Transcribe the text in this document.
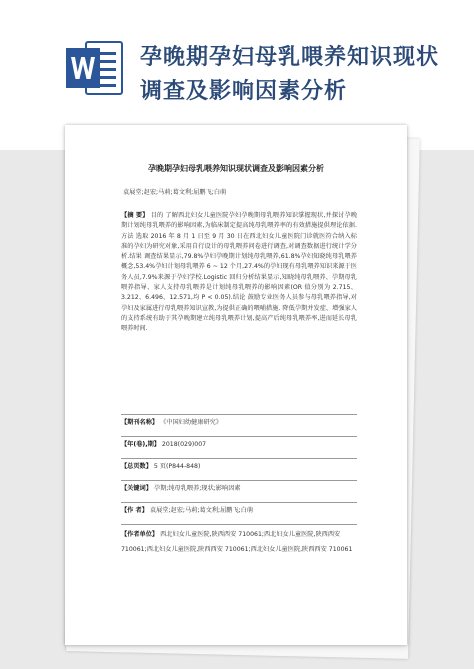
孕晚期孕妇母乳喂养知识现状
调查及影响因素分析
孕晚期孕妇母乳喂养知识现状调查及影响因素分析
袁展堂;赵宏;马莉;葛文利;屈鹏飞;白萌
【摘 要】 目的 了解西北妇女儿童医院孕妇孕晚期母乳喂养知识掌握现状,并探讨孕晚期计划纯母乳喂养的影响因素,为临床制定提高纯母乳喂养率的有效措施提供理论依据.方法 选取 2016 年 8 月 1 日至 9 月 30 日在西北妇女儿童医院门诊就医符合纳入标准的孕妇为研究对象,采用自行设计的母乳喂养问卷进行调查,对调查数据进行统计学分析.结果 调查结果显示,79.8%孕妇孕晚期计划纯母乳喂养,61.8%孕妇知晓纯母乳喂养概念,53.4%孕妇计划母乳喂养 6 ~ 12 个月,27.4%的孕妇现有母乳喂养知识来源于医务人员,7.9%来源于孕妇学校.Logistic 回归分析结果显示,知晓纯母乳喂养、孕期母乳喂养指导、家人支持母乳喂养是计划纯母乳喂养的影响因素(OR 值分别为 2.715、3.212、6.496、12.571,均 P < 0.05).结论 鼓励专业医务人员参与母乳喂养指导,对孕妇及家属进行母乳喂养知识宣教,为提供正确的喂哺措施. 降低孕期并发症、增强家人的支持系统有助于其孕晚期建立纯母乳喂养计划,提高产后纯母乳喂养率,进而延长母乳喂养时间.
【期刊名称】 《中国妇幼健康研究》
【年(卷),期】 2018(029)007
【总页数】 5 页(P844-848)
【关键词】 孕期;纯母乳喂养;现状;影响因素
【作 者】 袁展堂;赵宏;马莉;葛文利;屈鹏飞;白萌
【作者单位】 西北妇女儿童医院,陕西西安 710061;西北妇女儿童医院,陕西西安 710061;西北妇女儿童医院,陕西西安 710061;西北妇女儿童医院,陕西西安 710061
